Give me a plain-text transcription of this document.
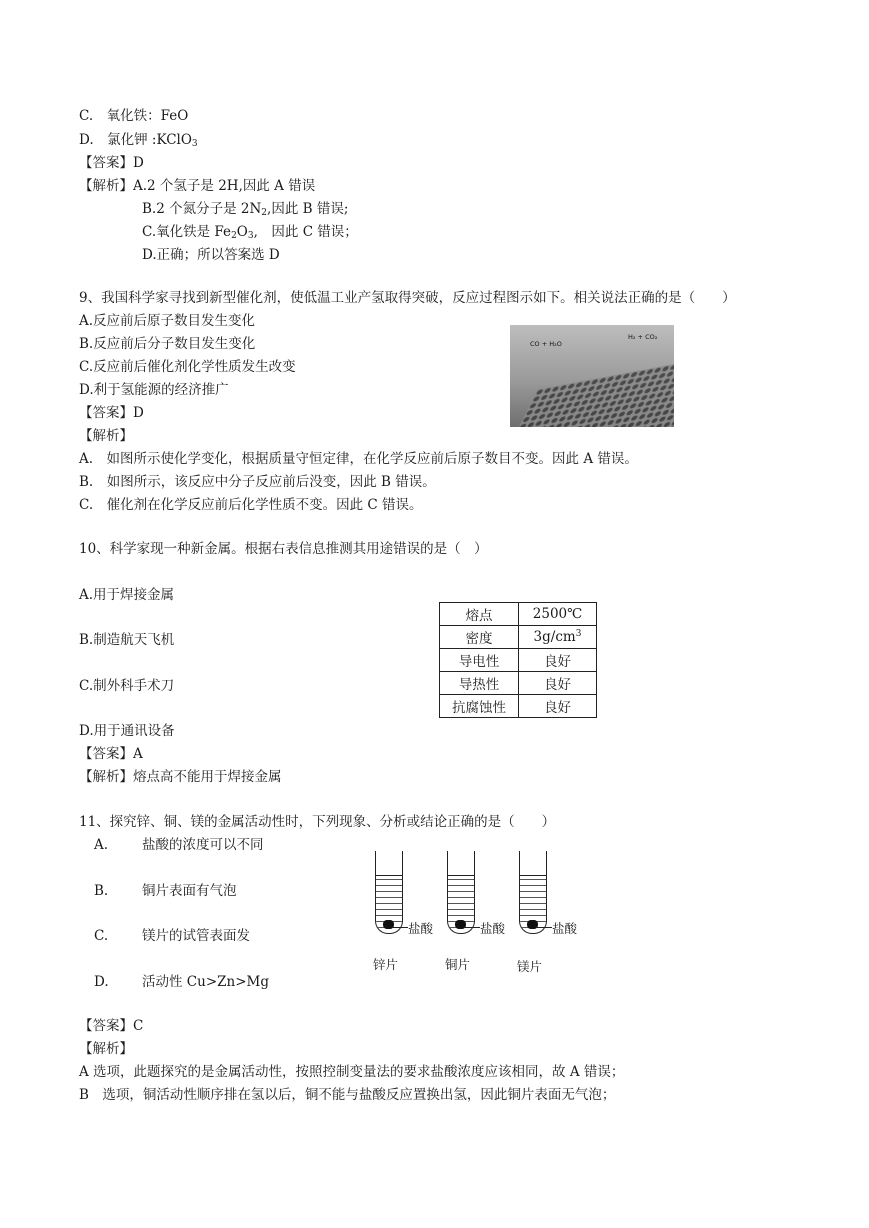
C.　氧化铁：FeO
D.　氯化钾 :KClO$_3$
【答案】D
【解析】A.2 个氢子是 2H,因此 A 错误
B.2 个氮分子是 $2N_2$,因此 B 错误;
C.氧化铁是 $Fe_2O_3$,　因此 C 错误；
D.正确；所以答案选 D
9、我国科学家寻找到新型催化剂，使低温工业产氢取得突破，反应过程图示如下。相关说法正确的是（　　）
A.反应前后原子数目发生变化
B.反应前后分子数目发生变化
C.反应前后催化剂化学性质发生改变
D.利于氢能源的经济推广
CO + H₂O
H₂ + CO₂
【答案】D
【解析】
A.　如图所示使化学变化，根据质量守恒定律，在化学反应前后原子数目不变。因此 A 错误。
B.　如图所示，该反应中分子反应前后没变，因此 B 错误。
C.　催化剂在化学反应前后化学性质不变。因此 C 错误。
10、科学家现一种新金属。根据右表信息推测其用途错误的是（　）
A.用于焊接金属
B.制造航天飞机
C.制外科手术刀
D.用于通讯设备
熔点	2500℃
密度	$3g/cm^3$
导电性	良好
导热性	良好
抗腐蚀性	良好
【答案】A
【解析】熔点高不能用于焊接金属
11、探究锌、铜、镁的金属活动性时，下列现象、分析或结论正确的是（　　）
A.	盐酸的浓度可以不同
B.	铜片表面有气泡
C.	镁片的试管表面发
D. 活动性 Cu>Zn>Mg
盐酸
锌片
盐酸
铜片
盐酸
镁片
【答案】C
【解析】
A 选项，此题探究的是金属活动性，按照控制变量法的要求盐酸浓度应该相同，故 A 错误；
B　选项，铜活动性顺序排在氢以后，铜不能与盐酸反应置换出氢，因此铜片表面无气泡；
